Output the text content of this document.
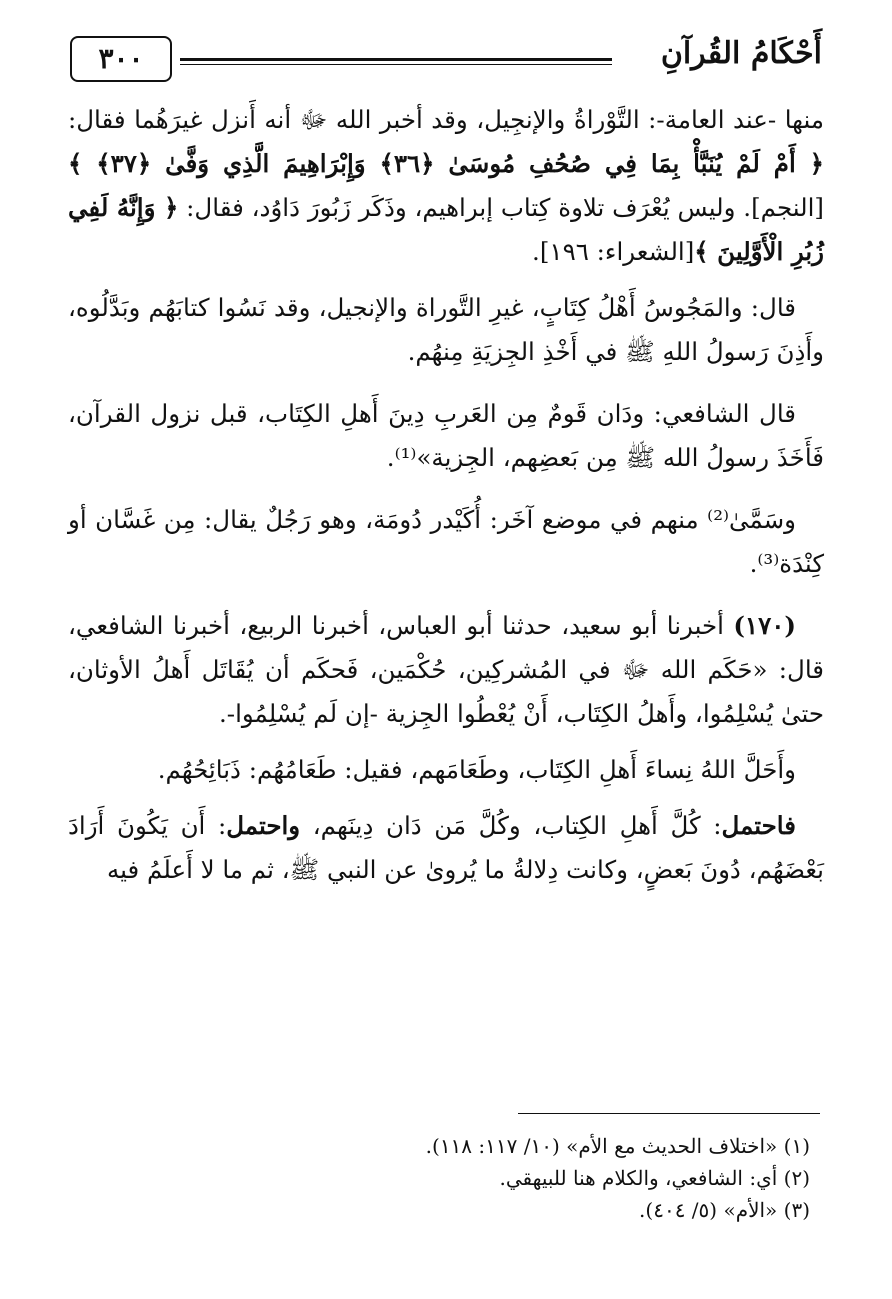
أَحْكَامُ القُرآنِ
٣٠٠

منها -عند العامة-: التَّوْراةُ والإنجِيل، وقد أخبر الله ﷻ أنه أَنزل غيرَهُما فقال: ﴿ أَمْ لَمْ يُنَبَّأْ بِمَا فِي صُحُفِ مُوسَىٰ ﴿٣٦﴾ وَإِبْرَاهِيمَ الَّذِي وَفَّىٰ ﴿٣٧﴾ ﴾ [النجم]. وليس يُعْرَف تلاوة كِتاب إبراهيم، وذَكَر زَبُورَ دَاوُد، فقال: ﴿ وَإِنَّهُ لَفِي زُبُرِ الْأَوَّلِينَ ﴾[الشعراء: ١٩٦].

قال: والمَجُوسُ أَهْلُ كِتَابٍ، غيرِ التَّوراة والإنجيل، وقد نَسُوا كتابَهُم وبَدَّلُوه، وأَذِنَ رَسولُ اللهِ ﷺ في أَخْذِ الجِزيَةِ مِنهُم.

قال الشافعي: ودَان قَومٌ مِن العَربِ دِينَ أَهلِ الكِتَاب، قبل نزول القرآن، فَأَخَذَ رسولُ الله ﷺ مِن بَعضِهم، الجِزية»⁽¹⁾.

وسَمَّىٰ⁽²⁾ منهم في موضع آخَر: أُكَيْدر دُومَة، وهو رَجُلٌ يقال: مِن غَسَّان أو كِنْدَة⁽³⁾.

(١٧٠) أخبرنا أبو سعيد، حدثنا أبو العباس، أخبرنا الربيع، أخبرنا الشافعي، قال: «حَكَم الله ﷻ في المُشركِين، حُكْمَين، فَحكَم أن يُقَاتَل أَهلُ الأوثان، حتىٰ يُسْلِمُوا، وأَهلُ الكِتَاب، أَنْ يُعْطُوا الجِزية -إن لَم يُسْلِمُوا-.

وأَحَلَّ اللهُ نِساءَ أَهلِ الكِتَاب، وطَعَامَهم، فقيل: طَعَامُهُم: ذَبَائِحُهُم.

فاحتمل: كُلَّ أَهلِ الكِتاب، وكُلَّ مَن دَان دِينَهم، واحتمل: أَن يَكُونَ أَرَادَ بَعْضَهُم، دُونَ بَعضٍ، وكانت دِلالةُ ما يُروىٰ عن النبي ﷺ، ثم ما لا أَعلَمُ فيه

(١) «اختلاف الحديث مع الأم» (١٠/ ١١٧: ١١٨).

(٢) أي: الشافعي، والكلام هنا للبيهقي.

(٣) «الأم» (٥/ ٤٠٤).
